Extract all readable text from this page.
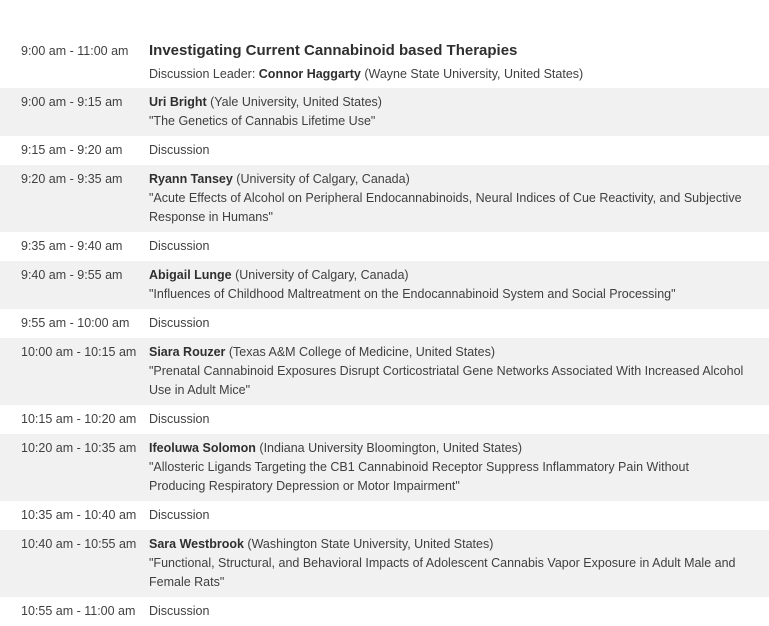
9:00 am - 11:00 am	Investigating Current Cannabinoid based Therapies
Discussion Leader: Connor Haggarty (Wayne State University, United States)
9:00 am - 9:15 am	Uri Bright (Yale University, United States)
"The Genetics of Cannabis Lifetime Use"
9:15 am - 9:20 am	Discussion
9:20 am - 9:35 am	Ryann Tansey (University of Calgary, Canada)
"Acute Effects of Alcohol on Peripheral Endocannabinoids, Neural Indices of Cue Reactivity, and Subjective Response in Humans"
9:35 am - 9:40 am	Discussion
9:40 am - 9:55 am	Abigail Lunge (University of Calgary, Canada)
"Influences of Childhood Maltreatment on the Endocannabinoid System and Social Processing"
9:55 am - 10:00 am	Discussion
10:00 am - 10:15 am	Siara Rouzer (Texas A&M College of Medicine, United States)
"Prenatal Cannabinoid Exposures Disrupt Corticostriatal Gene Networks Associated With Increased Alcohol Use in Adult Mice"
10:15 am - 10:20 am	Discussion
10:20 am - 10:35 am	Ifeoluwa Solomon (Indiana University Bloomington, United States)
"Allosteric Ligands Targeting the CB1 Cannabinoid Receptor Suppress Inflammatory Pain Without Producing Respiratory Depression or Motor Impairment"
10:35 am - 10:40 am	Discussion
10:40 am - 10:55 am	Sara Westbrook (Washington State University, United States)
"Functional, Structural, and Behavioral Impacts of Adolescent Cannabis Vapor Exposure in Adult Male and Female Rats"
10:55 am - 11:00 am	Discussion
